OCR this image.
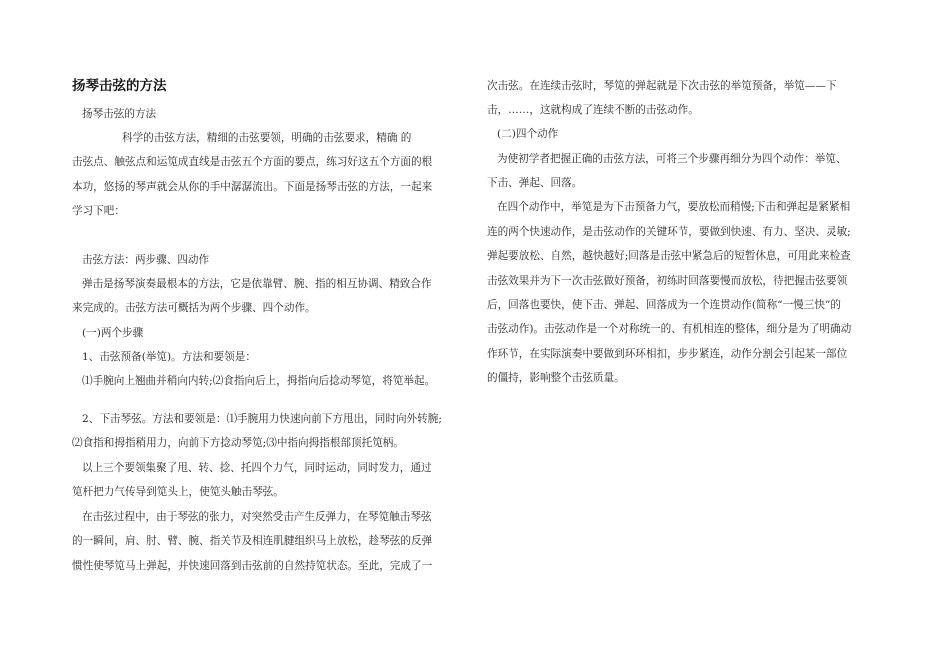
扬琴击弦的方法
扬琴击弦的方法
科学的击弦方法，精细的击弦要领，明确的击弦要求，精确 的
击弦点、触弦点和运笕成直线是击弦五个方面的要点，练习好这五个方面的根
本功，悠扬的琴声就会从你的手中潺潺流出。下面是扬琴击弦的方法，一起来
学习下吧：
击弦方法：两步骤、四动作
弹击是扬琴演奏最根本的方法，它是依靠臂、腕、指的相互协调、精致合作
来完成的。击弦方法可概括为两个步骤、四个动作。
(一)两个步骤
1、击弦预备(举笕)。方法和要领是：
⑴手腕向上翘曲并稍向内转;⑵食指向后上，拇指向后捻动琴笕，将笕举起。
2、下击琴弦。方法和要领是：⑴手腕用力快速向前下方甩出，同时向外转腕;
⑵食指和拇指稍用力，向前下方捻动琴笕;⑶中指向拇指根部顶托笕柄。
以上三个要领集聚了甩、转、捻、托四个力气，同时运动，同时发力，通过
笕杆把力气传导到笕头上，使笕头触击琴弦。
在击弦过程中，由于琴弦的张力，对突然受击产生反弹力，在琴笕触击琴弦
的一瞬间，肩、肘、臂、腕、指关节及相连肌腱组织马上放松，趁琴弦的反弹
惯性使琴笕马上弹起，并快速回落到击弦前的自然持笕状态。至此，完成了一
次击弦。在连续击弦时，琴笕的弹起就是下次击弦的举笕预备，举笕——下
击，……，这就构成了连续不断的击弦动作。
(二)四个动作
为使初学者把握正确的击弦方法，可将三个步骤再细分为四个动作：举笕、
下击、弹起、回落。
在四个动作中，举笕是为下击预备力气，要放松而稍慢;下击和弹起是紧紧相
连的两个快速动作，是击弦动作的关键环节，要做到快速、有力、坚决、灵敏;
弹起要放松、自然，越快越好;回落是击弦中紧急后的短暂休息，可用此来检查
击弦效果并为下一次击弦做好预备，初练时回落要慢而放松，待把握击弦要领
后，回落也要快，使下击、弹起、回落成为一个连贯动作(简称“一慢三快”的
击弦动作)。击弦动作是一个对称统一的、有机相连的整体，细分是为了明确动
作环节，在实际演奏中要做到环环相扣，步步紧连，动作分割会引起某一部位
的僵持，影响整个击弦质量。
